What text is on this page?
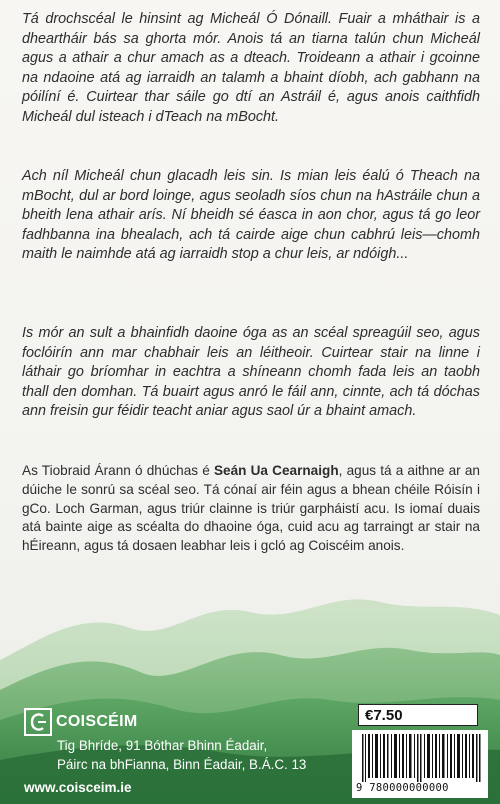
Tá drochscéal le hinsint ag Micheál Ó Dónaill. Fuair a mháthair is a dheartháir bás sa ghorta mór. Anois tá an tiarna talún chun Micheál agus a athair a chur amach as a dteach. Troideann a athair i gcoinne na ndaoine atá ag iarraidh an talamh a bhaint díobh, ach gabhann na póilíní é. Cuirtear thar sáile go dtí an Astráil é, agus anois caithfidh Micheál dul isteach i dTeach na mBocht.

Ach níl Micheál chun glacadh leis sin. Is mian leis éalú ó Theach na mBocht, dul ar bord loinge, agus seoladh síos chun na hAstráile chun a bheith lena athair arís. Ní bheidh sé éasca in aon chor, agus tá go leor fadhbanna ina bhealach, ach tá cairde aige chun cabhrú leis—chomh maith le naimhde atá ag iarraidh stop a chur leis, ar ndóigh...

Is mór an sult a bhainfidh daoine óga as an scéal spreagúil seo, agus foclóirín ann mar chabhair leis an léitheoir. Cuirtear stair na linne i láthair go bríomhar in eachtra a shíneann chomh fada leis an taobh thall den domhan. Tá buairt agus anró le fáil ann, cinnte, ach tá dóchas ann freisin gur féidir teacht aniar agus saol úr a bhaint amach.

As Tiobraid Árann ó dhúchas é Seán Ua Cearnaigh, agus tá a aithne ar an dúiche le sonrú sa scéal seo. Tá cónaí air féin agus a bhean chéile Róisín i gCo. Loch Garman, agus triúr clainne is triúr garpháistí acu. Is iomaí duais atá bainte aige as scéalta do dhaoine óga, cuid acu ag tarraingt ar stair na hÉireann, agus tá dosaen leabhar leis i gcló ag Coiscéim anois.

COISCÉIM
Tig Bhríde, 91 Bóthar Bhinn Éadair,
Páirc na bhFianna, Binn Éadair, B.Á.C. 13
www.coisceim.ie
€7.50
9 780000000000
